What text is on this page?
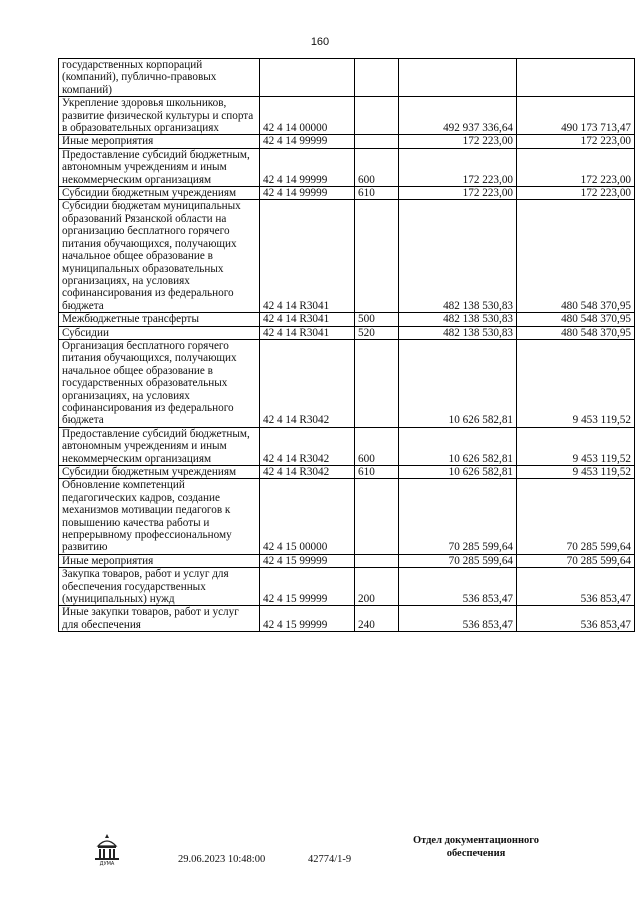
160
государственных корпораций (компаний), публично-правовых компаний)				
Укрепление здоровья школьников, развитие физической культуры и спорта в образовательных организациях	42 4 14 00000		492 937 336,64	490 173 713,47
Иные мероприятия	42 4 14 99999		172 223,00	172 223,00
Предоставление субсидий бюджетным, автономным учреждениям и иным некоммерческим организациям	42 4 14 99999	600	172 223,00	172 223,00
Субсидии бюджетным учреждениям	42 4 14 99999	610	172 223,00	172 223,00
Субсидии бюджетам муниципальных образований Рязанской области на организацию бесплатного горячего питания обучающихся, получающих начальное общее образование в муниципальных образовательных организациях, на условиях софинансирования из федерального бюджета	42 4 14 R3041		482 138 530,83	480 548 370,95
Межбюджетные трансферты	42 4 14 R3041	500	482 138 530,83	480 548 370,95
Субсидии	42 4 14 R3041	520	482 138 530,83	480 548 370,95
Организация бесплатного горячего питания обучающихся, получающих начальное общее образование в государственных образовательных организациях, на условиях софинансирования из федерального бюджета	42 4 14 R3042		10 626 582,81	9 453 119,52
Предоставление субсидий бюджетным, автономным учреждениям и иным некоммерческим организациям	42 4 14 R3042	600	10 626 582,81	9 453 119,52
Субсидии бюджетным учреждениям	42 4 14 R3042	610	10 626 582,81	9 453 119,52
Обновление компетенций педагогических кадров, создание механизмов мотивации педагогов к повышению качества работы и непрерывному профессиональному развитию	42 4 15 00000		70 285 599,64	70 285 599,64
Иные мероприятия	42 4 15 99999		70 285 599,64	70 285 599,64
Закупка товаров, работ и услуг для обеспечения государственных (муниципальных) нужд	42 4 15 99999	200	536 853,47	536 853,47
Иные закупки товаров, работ и услуг для обеспечения	42 4 15 99999	240	536 853,47	536 853,47
ДУМА	29.06.2023 10:48:00	42774/1-9
Отдел документационного обеспечения
